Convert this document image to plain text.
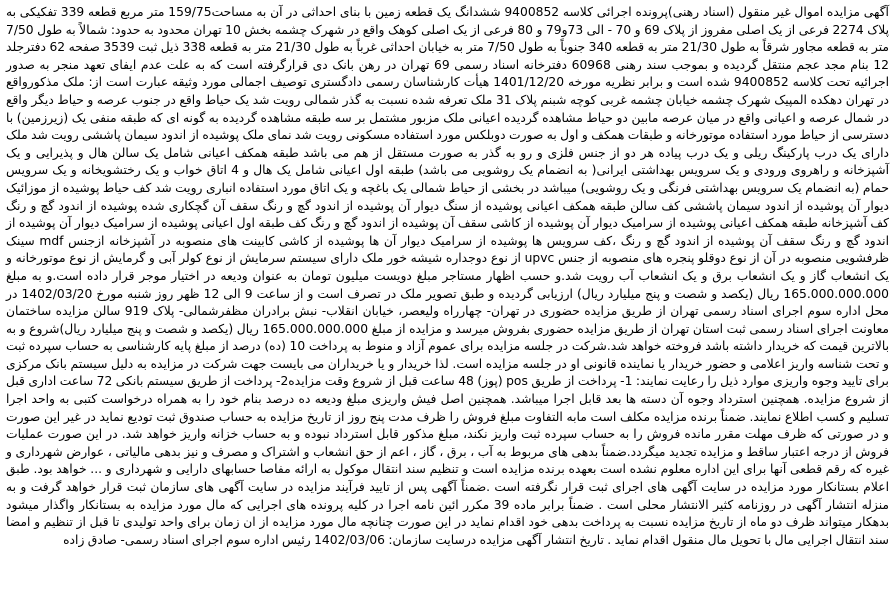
آگهی مزایده اموال غیر منقول (اسناد رهنی)پرونده اجرائی کلاسه 9400852 ششدانگ یک قطعه زمین با بنای احداثی در آن به مساحت159/75 متر مربع قطعه 339 تفکیکی به پلاک 2274 فرعی از یک اصلی مفروز از پلاک 69 و 70 - الی 73و79 و 80 فرعی از یک اصلی کوهک واقع در شهرک چشمه بخش 10 تهران محدود به حدود: شمالاً به طول 7/50 متر به قطعه مجاور شرقاً به طول 21/30 متر به قطعه 340 جنوباً به طول 7/50 متر به خیابان احداثی غرباً به طول 21/30 متر به قطعه 338 ذیل ثبت 3539 صفحه 62 دفترجلد 12 بنام مجد عجم منتقل گردیده و بموجب سند رهنی 60968 دفترخانه اسناد رسمی 69 تهران در رهن بانک دی قرارگرفته است که به علت عدم ایفای تعهد منجر به صدور اجرائیه تحت کلاسه 9400852 شده است و برابر نظریه مورخه 1401/12/20 هیأت کارشناسان رسمی دادگستری توصیف اجمالی مورد وثیقه عبارت است از: ملک مذکورواقع در تهران دهکده المپیک شهرک چشمه خیابان چشمه غربی کوچه شبنم پلاک 31 ملک تعرفه شده نسبت به گذر شمالی رویت شد یک حیاط واقع در جنوب عرصه و حیاط دیگر واقع در شمال عرصه و اعیانی واقع در میان عرصه مابین دو حیاط مشاهده گردیده اعیانی ملک مزبور مشتمل بر سه طبقه مشاهده گردیده به گونه ای که طبقه منفی یک (زیرزمین) با دسترسی از حیاط مورد استفاده موتورخانه و طبقات همکف و اول به صورت دوبلکس مورد استفاده مسکونی رویت شد نمای ملک پوشیده از اندود سیمان پاششی رویت شد ملک دارای یک درب پارکینگ ریلی و یک درب پیاده هر دو از جنس فلزی و رو به گذر به صورت مستقل از هم می باشد طبقه همکف اعیانی شامل یک سالن هال و پذیرایی و یک آشپزخانه و راهروی ورودی و یک سرویس بهداشتی ایرانی( به انضمام یک روشویی می باشد) طبقه اول اعیانی شامل یک هال و 4 اتاق خواب و یک رختشویخانه و یک سرویس حمام (به انضمام یک سرویس بهداشتی فرنگی و یک روشویی) میباشد در بخشی از حیاط شمالی یک باغچه و یک اتاق مورد استفاده انباری رویت شد کف حیاط پوشیده از موزائیک دیوار آن پوشیده از اندود سیمان پاششی کف سالن طبقه همکف اعیانی پوشیده از سنگ دیوار آن پوشیده از اندود گچ و رنگ سقف آن گچکاری شده پوشیده از اندود گچ و رنگ کف آشپزخانه طبقه همکف اعیانی پوشیده از سرامیک دیوار آن پوشیده از کاشی سقف آن پوشیده از اندود گچ و رنگ کف طبقه اول اعیانی پوشیده از سرامیک دیوار آن پوشیده از اندود گچ و رنگ سقف آن پوشیده از اندود گچ و رنگ ،کف سرویس ها پوشیده از سرامیک دیوار آن ها پوشیده از کاشی کابینت های منصوبه در آشپزخانه ازجنس mdf سینک ظرفشویی منصوبه در آن از نوع دوقلو پنجره های منصوبه از جنس upvc از نوع دوجداره شیشه خور ملک دارای سیستم سرمایش از نوع کولر آبی و گرمایش از نوع موتورخانه و یک انشعاب گاز و یک انشعاب برق و یک انشعاب آب رویت شد.و حسب اظهار مستاجر مبلغ دویست میلیون تومان به عنوان ودیعه در اختیار موجر قرار داده است.و به مبلغ 165.000.000.000 ریال (یکصد و شصت و پنج میلیارد ریال) ارزیابی گردیده و طبق تصویر ملک در تصرف است و از ساعت 9 الی 12 ظهر روز شنبه مورخ 1402/03/20 در محل اداره سوم اجرای اسناد رسمی تهران از طریق مزایده حضوری در تهران- چهارراه ولیعصر، خیابان انقلاب- نبش برادران مظفرشمالی- پلاک 919 سالن مزایده ساختمان معاونت اجرای اسناد رسمی ثبت استان تهران از طریق مزایده حضوری بفروش میرسد و مزایده از مبلغ 165.000.000.000 ریال (یکصد و شصت و پنج میلیارد ریال)شروع و به بالاترین قیمت که خریدار داشته باشد فروخته خواهد شد.شرکت در جلسه مزایده برای عموم آزاد و منوط به پرداخت 10 (ده) درصد از مبلغ پایه کارشناسی به حساب سپرده ثبت و تحت شناسه واریز اعلامی و حضور خریدار یا نماینده قانونی او در جلسه مزایده است. لذا خریدار و یا خریداران می بایست جهت شرکت در مزایده به دلیل سیستم بانک مرکزی برای تایید وجوه واریزی موارد ذیل را رعایت نمایند: 1- پرداخت از طریق pos (پوز) 48 ساعت قبل از شروع وقت مزایده2- پرداخت از طریق سیستم بانکی 72 ساعت اداری قبل از شروع مزایده. همچنین استرداد وجوه آن دسته ها بعد قابل اجرا میباشد. همچنین اصل فیش واریزی مبلغ ودیعه ده درصد بنام خود را به همراه درخواست کتبی به واحد اجرا تسلیم و کسب اطلاع نمایند. ضمناً برنده مزایده مکلف است مابه التفاوت مبلغ فروش را ظرف مدت پنج روز از تاریخ مزایده به حساب صندوق ثبت تودیع نماید در غیر این صورت و در صورتی که ظرف مهلت مقرر مانده فروش را به حساب سپرده ثبت واریز نکند، مبلغ مذکور قابل استرداد نبوده و به حساب خزانه واریز خواهد شد. در این صورت عملیات فروش از درجه اعتبار ساقط و مزایده تجدید میگردد.ضمناً بدهی های مربوط به آب ، برق ، گاز ، اعم از حق انشعاب و اشتراک و مصرف و نیز بدهی مالیاتی ، عوارض شهرداری و غیره که رقم قطعی آنها برای این اداره معلوم نشده است بعهده برنده مزایده است و تنظیم سند انتقال موکول به ارائه مفاصا حسابهای دارایی و شهرداری و ... خواهد بود. طبق اعلام بستانکار مورد مزایده در سایت آگهی های اجرای ثبت قرار نگرفته است .ضمناً آگهی پس از تایید فرآیند مزایده در سایت آگهی های سازمان ثبت قرار خواهد گرفت و به منزله انتشار آگهی در روزنامه کثیر الانتشار محلی است . ضمناً برابر ماده 39 مکرر ائین نامه اجرا در کلیه پرونده های اجرایی که مال مورد مزایده به بستانکار واگذار میشود بدهکار میتواند ظرف دو ماه از تاریخ مزایده نسبت به پرداخت بدهی خود اقدام نماید در این صورت چنانچه مال مورد مزایده از ان زمان برای واحد تولیدی تا قبل از تنظیم و امضا سند انتقال اجرایی مال با تحویل مال منقول اقدام نماید . تاریخ انتشار آگهی مزایده درسایت سازمان: 1402/03/06 رئیس اداره سوم اجرای اسناد رسمی- صادق زاده
